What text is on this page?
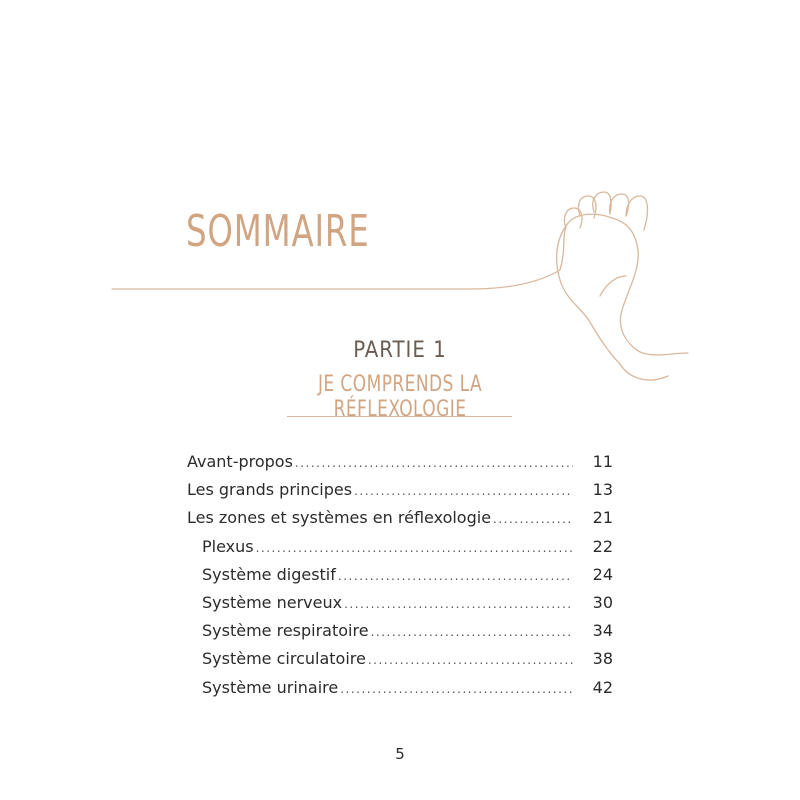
SOMMAIRE
PARTIE 1
JE COMPRENDS LA RÉFLEXOLOGIE
Avant-propos .....	11
Les grands principes .....	13
Les zones et systèmes en réflexologie .....	21
Plexus .....	22
Système digestif .....	24
Système nerveux .....	30
Système respiratoire .....	34
Système circulatoire .....	38
Système urinaire .....	42
5
